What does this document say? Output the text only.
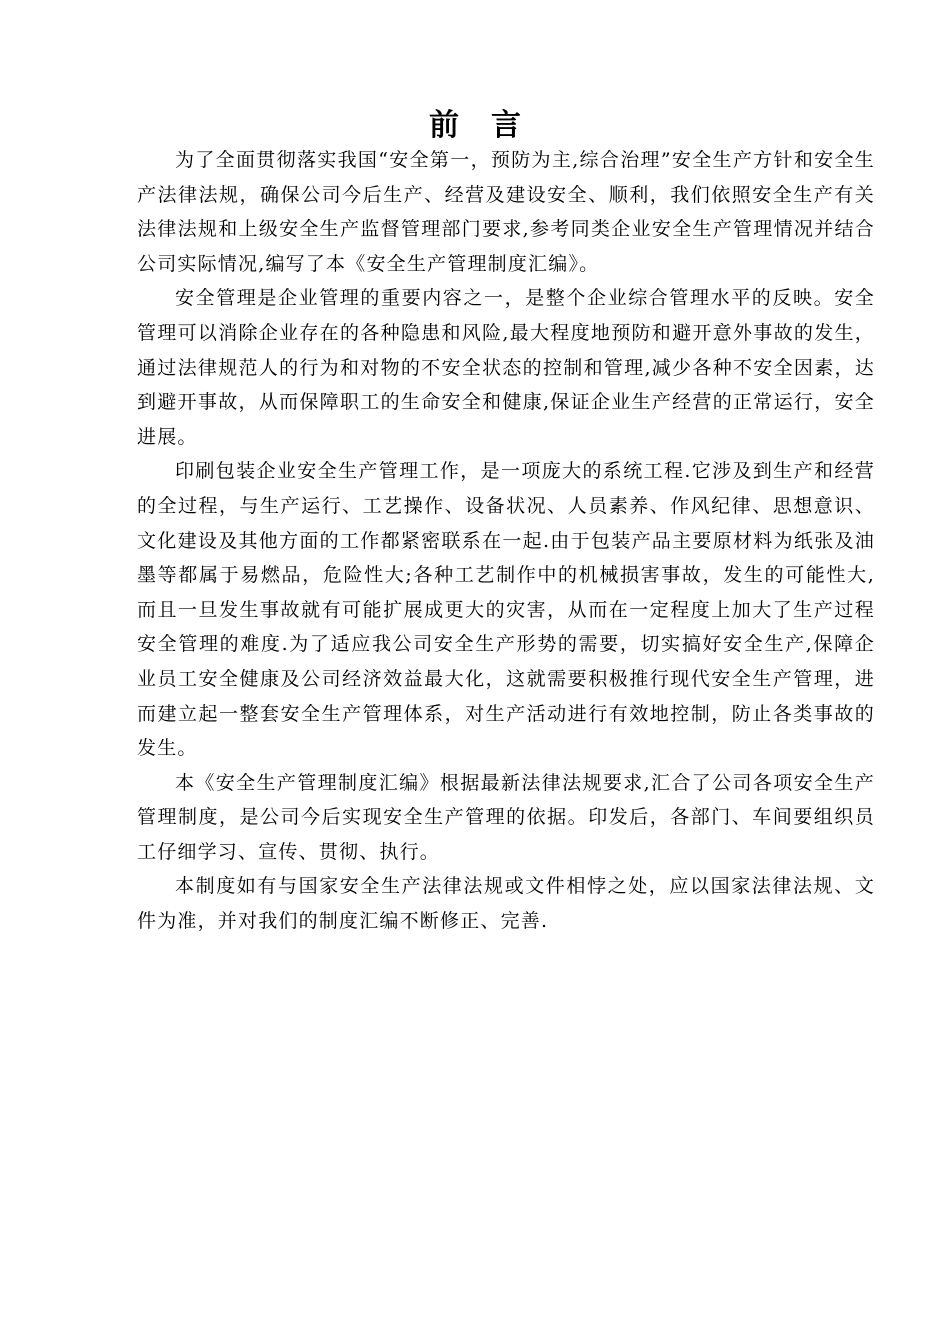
前言

为了全面贯彻落实我国“安全第一，预防为主,综合治理”安全生产方针和安全生产法律法规，确保公司今后生产、经营及建设安全、顺利，我们依照安全生产有关法律法规和上级安全生产监督管理部门要求,参考同类企业安全生产管理情况并结合公司实际情况,编写了本《安全生产管理制度汇编》。

安全管理是企业管理的重要内容之一，是整个企业综合管理水平的反映。安全管理可以消除企业存在的各种隐患和风险,最大程度地预防和避开意外事故的发生，通过法律规范人的行为和对物的不安全状态的控制和管理,减少各种不安全因素，达到避开事故，从而保障职工的生命安全和健康,保证企业生产经营的正常运行，安全进展。

印刷包装企业安全生产管理工作，是一项庞大的系统工程.它涉及到生产和经营的全过程，与生产运行、工艺操作、设备状况、人员素养、作风纪律、思想意识、文化建设及其他方面的工作都紧密联系在一起.由于包装产品主要原材料为纸张及油墨等都属于易燃品，危险性大;各种工艺制作中的机械损害事故，发生的可能性大,而且一旦发生事故就有可能扩展成更大的灾害，从而在一定程度上加大了生产过程安全管理的难度.为了适应我公司安全生产形势的需要，切实搞好安全生产,保障企业员工安全健康及公司经济效益最大化，这就需要积极推行现代安全生产管理，进而建立起一整套安全生产管理体系，对生产活动进行有效地控制，防止各类事故的发生。

本《安全生产管理制度汇编》根据最新法律法规要求,汇合了公司各项安全生产管理制度，是公司今后实现安全生产管理的依据。印发后，各部门、车间要组织员工仔细学习、宣传、贯彻、执行。

本制度如有与国家安全生产法律法规或文件相悖之处，应以国家法律法规、文件为准，并对我们的制度汇编不断修正、完善.
